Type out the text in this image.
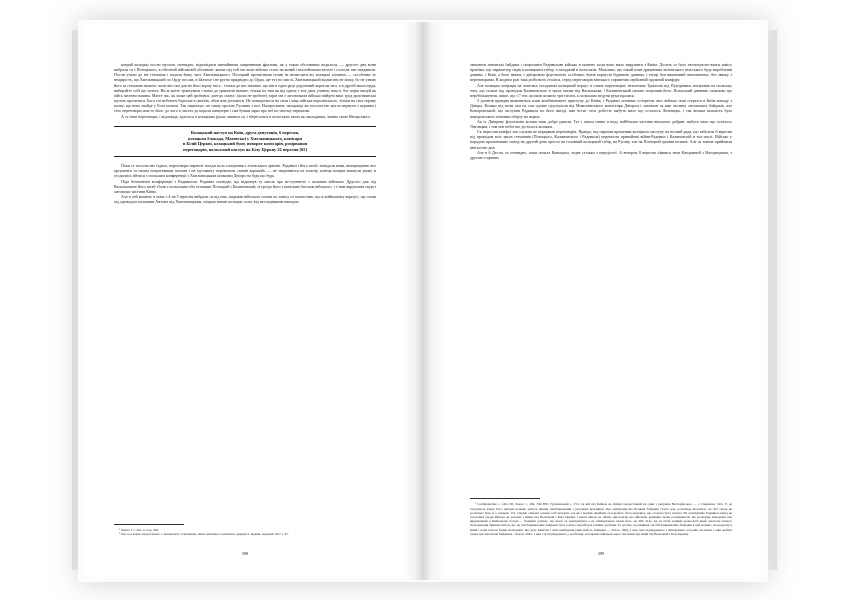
котрий козацькі посли мусили, очевидно, відповідати звичайними смиренними фразами, як у таких обставинах водилося, — другого дня вони вибрали ся з Потоцького, в обесніий військовій обстанові: якаме під той час коли військо стало на конвй і вся військова веселе і голосне сво пиздавали. Посли учали до ніг гетьмана і подали йому лист Хмельницького. Потоцкий прочитавши почав їм нечислити всі козацькі злочини — «особливо ту нещирість, що Хмельницький по Орду послав, в likewise і не ругно придвідно до Орди, ще тут по мислі, Хмельницький відписати не можу, бо не узнаю його за гетьмана нашого, коли він сам дав на його корму міст... тільки до вас напише, що він в один руці доручений корогом меч, а в другій милосердя, вибирайте собі що хочете. Ви ж маєте трактувати з нами до трактатів інакше, тільки по тим як від одних з тих двох учинок; вам н. бог перш милуй як війсь меленм нашим. Маєте час, як може цей зробився: дин-до сказує: (коли не зробите) зараз ми з литовським військо вийдем ваші грод християнські мусить пролитися. Бога спі небезпеч боросьм в пам'ять, абов нам допомоги. Не помадаємося на сили і міць війська королівського, тільки на своє справу палку, що вона знайде у Бога помочі. Так переказує сю пишу прозою Русавич з іші. Нагорескием, насправді же посольство могло вернути з першим і сего переговори мам-то його, до чого в листах до короля канцлерю і сам бувши зараз про неї по-своєму переказав.

А се інші переговори, і відповідь, здається в козацьких руках лишила ся, і зберігалася в польських актах як закладника, замінь свою Нагорського.

Козацький наступ на Київ, друга депутація, 6 вересня,
козацька блокада, Мазовські у Хмельницького, комісари
в Білій Церкві, козацький бунт, поворот комісарів, розірвання
переговорів, польський наступ на Білу Церкву 22 вересня [65]

Поки се посольство їздило, переговори нарешті заходи коло спочувння з літовського армією. Радивил і його штаб, новідали вони, вичеркцьнию все аргументи за своим оперативным гломом і он мусимичу переконати «панів короний» — не зверічнисти их плягну, конець кінцем макнули ріому и угодились зійтися з польским конференції з Хмельницьким козаками Дніпро на будь що будь.

Підв безнонечні конференції з Радивилом. Радивил оповідає, що відкинув ту мисль про не-лучнепте з польним військом. Другого дня під Васильковою його штаб з'їхав з польським-оба гетьмани Потоцкий і Калиновский, єгтргіди його з шевским блеском війського, і з ним вирушини сюди і литовські частини Київа.

Але в сей момент, в ночи з 4 на 5 вересня вибрали ся від них, кидьмав війського пелим по замісу от пошестию, що в кийвському корпусі, що стояв під проводом половини Антона під Хмельницьким, піщали значні козацькі сили, від несподіваним нападом

¹ Stanoz. I с. 291–2, пор. 294.

² Так се я кожно представляє, з литовського становища, пише цитована Continuatio-диариуса. Краків, академії 1017 з. 67.

398

заномпти литовські байдаки і погромити Радивилове військо в момент, коли воно мало вирушити з Київа. Досить се було несночуасно-взяти замісь прав'яко, що парашетер сидів в козацьким табор, а захаджий в польськім. Можливо, що такий плян дражнения литовського вільського будь виробленні данини, і Київ, а його звязок з дніпровою флуотилією особливо, бувзв корпусів будівною даними, і тепер був виконаний автоматично, без звязку з переговорами. В жоднім разі така роібсність сталася, серед переговорів вінського сприятник серйозний оружний комфорт.

Але козацька операція на повелась поодинокі козацький корпус в самих переговорів, незалежно Триполія під Підгірними, насконнік на польську чату, що стояли під проводом Калиновского в трьох милях від Василькова, і Калиновський сильно погромив його. Польський дневник, можливо що перебільшуючи, пише, що з 7 тис. козаків полягло три тисячі, а польських ведучи руки вдалися.

З доинтів правдив вижениться плян комбінованого приступу до Київа, і Радивил оповіває остерегти своє військо поні стерезся в Київі нападу з Дніпра. Козаки під ночи сам на сам одічно підступили від Миколаївського монастиря Дніпром і заховали ся вже частину литовських байдаків, але Коморовський, що заступив Радивила по його виїзді, вже встиг отся добігти: мабуть мало що осталось Литовцям, і так велика кількість була коморовського поновки оберту на морих.

Ак їх Дніпрову флуотилію козаки таки добре урвали. Тут і пішла певно в воду найбільша частина вінського добрив: мабуть мало що осталось Литовцям, і там оне небогато дісталось козакам.

Ся переслав конфуз ток служив ne перерваав переговорів. Правда, під першим враженим козацкого наступу на восний рада, що взбузала 6 вересня під проводом всіх трьох гетьманів (Потоцкого, Калиновского і Радивила) перемогли принаймні війни-Радивил і Калиновскій в тім числі. Військо у парадою пропоновано поход на другий день просто на головний козацький табір, на Русаву, але на Потоцкий громив козаків. Але ся заміна приймили вніскостю дна.

Але в 6 Десли, то очевидно, поки почала Коноцком, ледве стільки з передістої. А вечером 8 вересня з'явився знов Каторжний з Нагорецьким, з другим старшим

¹ Commentarius с. 149–150, Staroz. с. 294, 349–850, Грушевський с. 153. Ся вій під Київом на Дніпрі предеставній на один з рисунків Вестерфельда. — у Смирнова табл. V, де засідлають важає його напори козаків, мабуть пішши скомбиновании з реальних красивіші. Про відбрання від Поляків байдаків стаєть над. розповідь Коломоза, на 322 також як розповіла була й о, взвідав. 151. Сиріні, сильної ознаки собі петерли, але як з верхив приймли ся водойсто бути перечить, що сторона було значно. На оповіданню Радивила вапід не заголовки уходи війська як реальні з Київа під Васильків і Білу Церкву і взяти пішли на Литву, щисловськ ціх військам кримних звали розпряжисти. Це розповідь коморами над вирушенням в Київському поході — Радивил дорікає, що взяло ся трактуватися а не обвинувачено взяти його, не 304, 312). Ак ся своїх даними хронології дней, пилотом нашого знаходжения приинуститься, що на так Радивилових байдаках була роката загребіться в Київа здобчим. Та досить, що виникно як бій Радивилових байдаків в цей момент, на кождому в Київі і наші пли не бачив знахідливі. Цю дату вивчати і чати відібрання ряди мабуть байдаків — Staroz. 296), а вже свої підтверджено з Дніпровних островів сиситема і лині мобилі сумка три литовські байдаком—Staroz. 2961, а вже сту підтверджено у зробному: козацьким військом через тих ниші був Київі під Васильків і Білу-Церкву.

399
